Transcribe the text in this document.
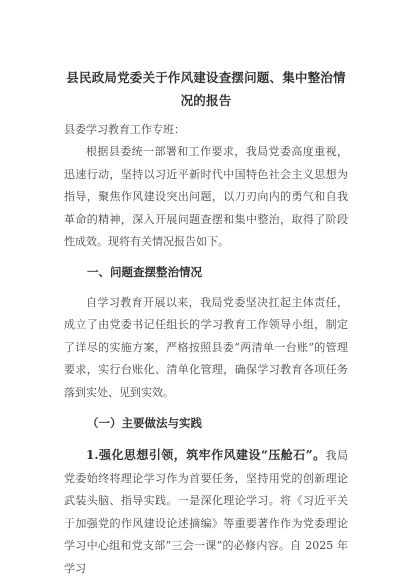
县民政局党委关于作风建设查摆问题、集中整治情况的报告

县委学习教育工作专班：

根据县委统一部署和工作要求，我局党委高度重视，迅速行动，坚持以习近平新时代中国特色社会主义思想为指导，聚焦作风建设突出问题，以刀刃向内的勇气和自我革命的精神，深入开展问题查摆和集中整治，取得了阶段性成效。现将有关情况报告如下。

一、问题查摆整治情况

自学习教育开展以来，我局党委坚决扛起主体责任，成立了由党委书记任组长的学习教育工作领导小组，制定了详尽的实施方案，严格按照县委“两清单一台账”的管理要求，实行台账化、清单化管理，确保学习教育各项任务落到实处、见到实效。

（一）主要做法与实践

1.强化思想引领，筑牢作风建设“压舱石”。我局党委始终将理论学习作为首要任务，坚持用党的创新理论武装头脑、指导实践。一是深化理论学习。将《习近平关于加强党的作风建设论述摘编》等重要著作作为党委理论学习中心组和党支部“三会一课”的必修内容。自 2025 年学习
